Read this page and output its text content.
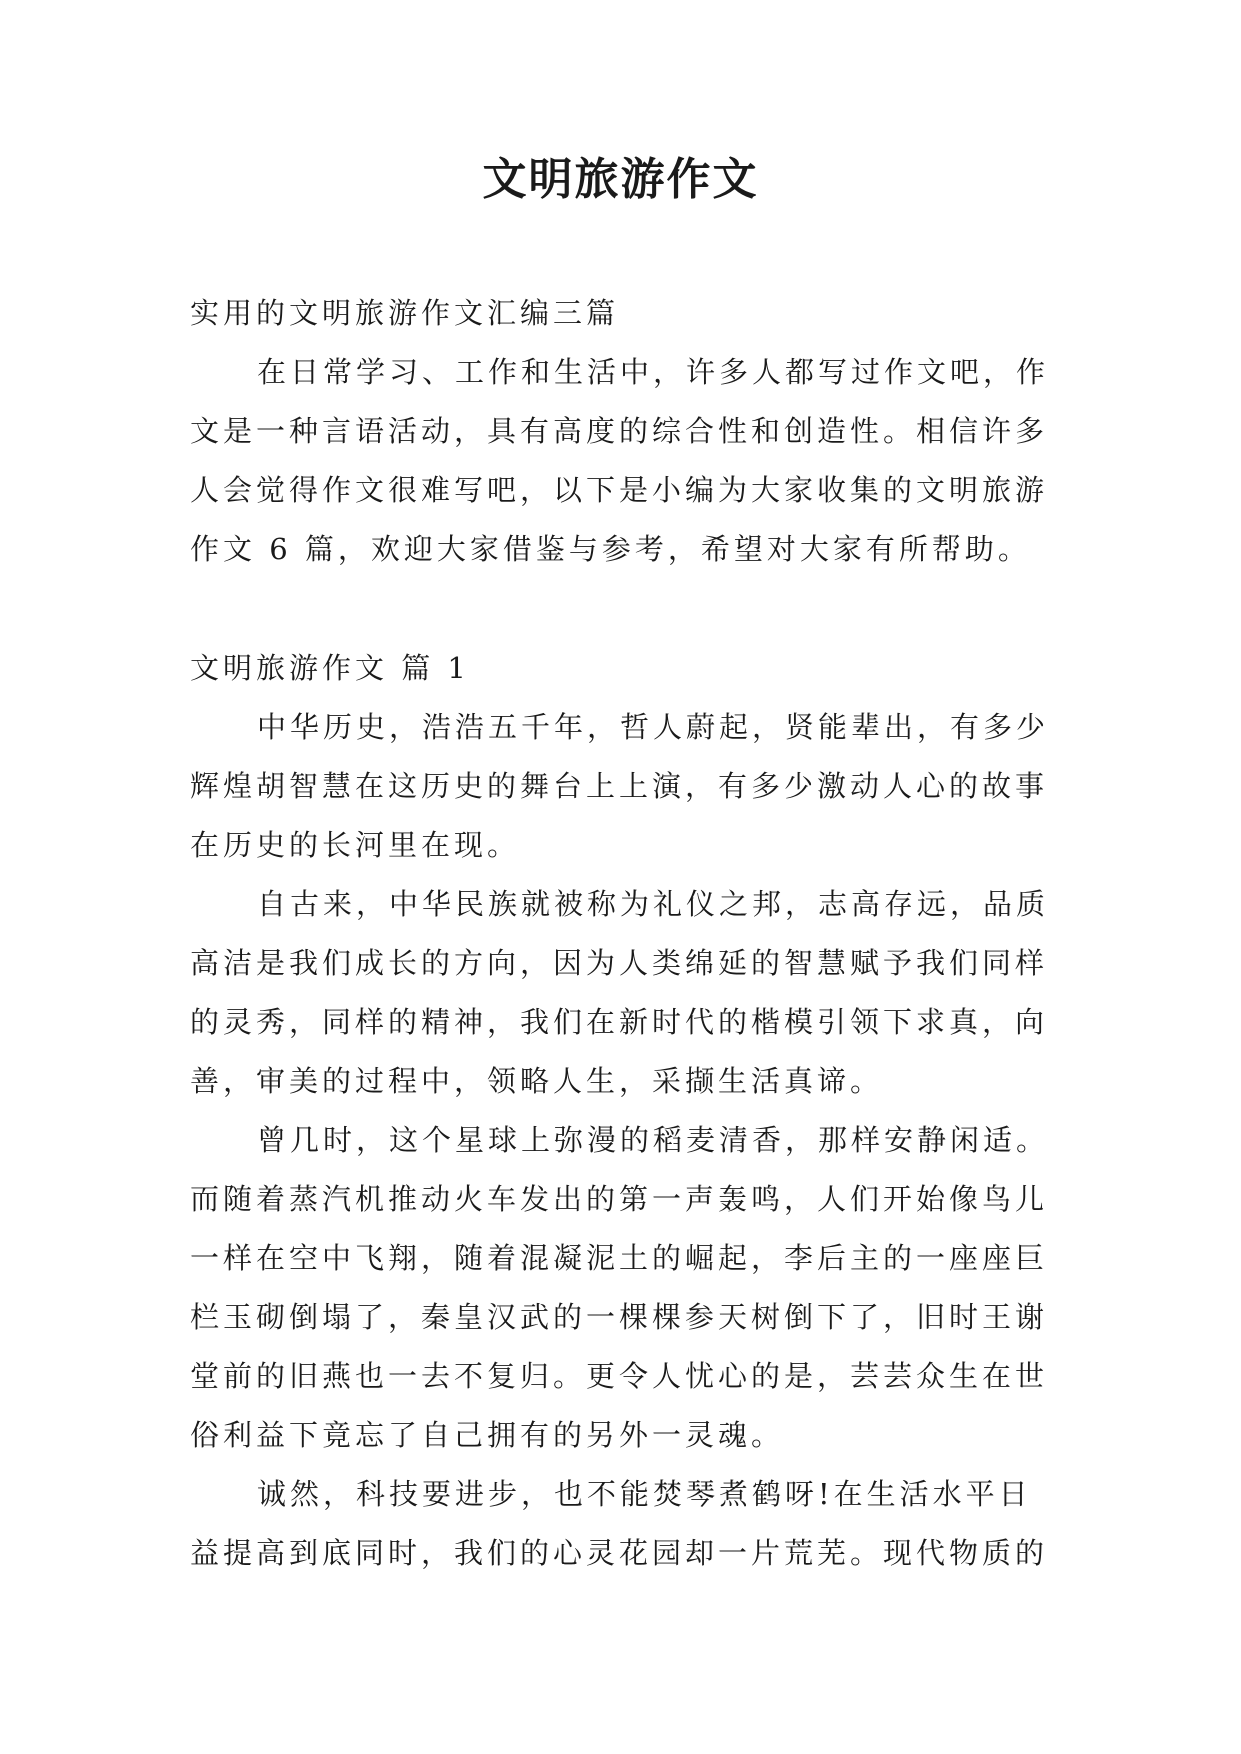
文明旅游作文
实用的文明旅游作文汇编三篇
在日常学习、工作和生活中，许多人都写过作文吧，作
文是一种言语活动，具有高度的综合性和创造性。相信许多
人会觉得作文很难写吧，以下是小编为大家收集的文明旅游
作文 6 篇，欢迎大家借鉴与参考，希望对大家有所帮助。
文明旅游作文 篇 1
中华历史，浩浩五千年，哲人蔚起，贤能辈出，有多少
辉煌胡智慧在这历史的舞台上上演，有多少激动人心的故事
在历史的长河里在现。
自古来，中华民族就被称为礼仪之邦，志高存远，品质
高洁是我们成长的方向，因为人类绵延的智慧赋予我们同样
的灵秀，同样的精神，我们在新时代的楷模引领下求真，向
善，审美的过程中，领略人生，采撷生活真谛。
曾几时，这个星球上弥漫的稻麦清香，那样安静闲适。
而随着蒸汽机推动火车发出的第一声轰鸣，人们开始像鸟儿
一样在空中飞翔，随着混凝泥土的崛起，李后主的一座座巨
栏玉砌倒塌了，秦皇汉武的一棵棵参天树倒下了，旧时王谢
堂前的旧燕也一去不复归。更令人忧心的是，芸芸众生在世
俗利益下竟忘了自己拥有的另外一灵魂。
诚然，科技要进步，也不能焚琴煮鹤呀!在生活水平日
益提高到底同时，我们的心灵花园却一片荒芜。现代物质的
